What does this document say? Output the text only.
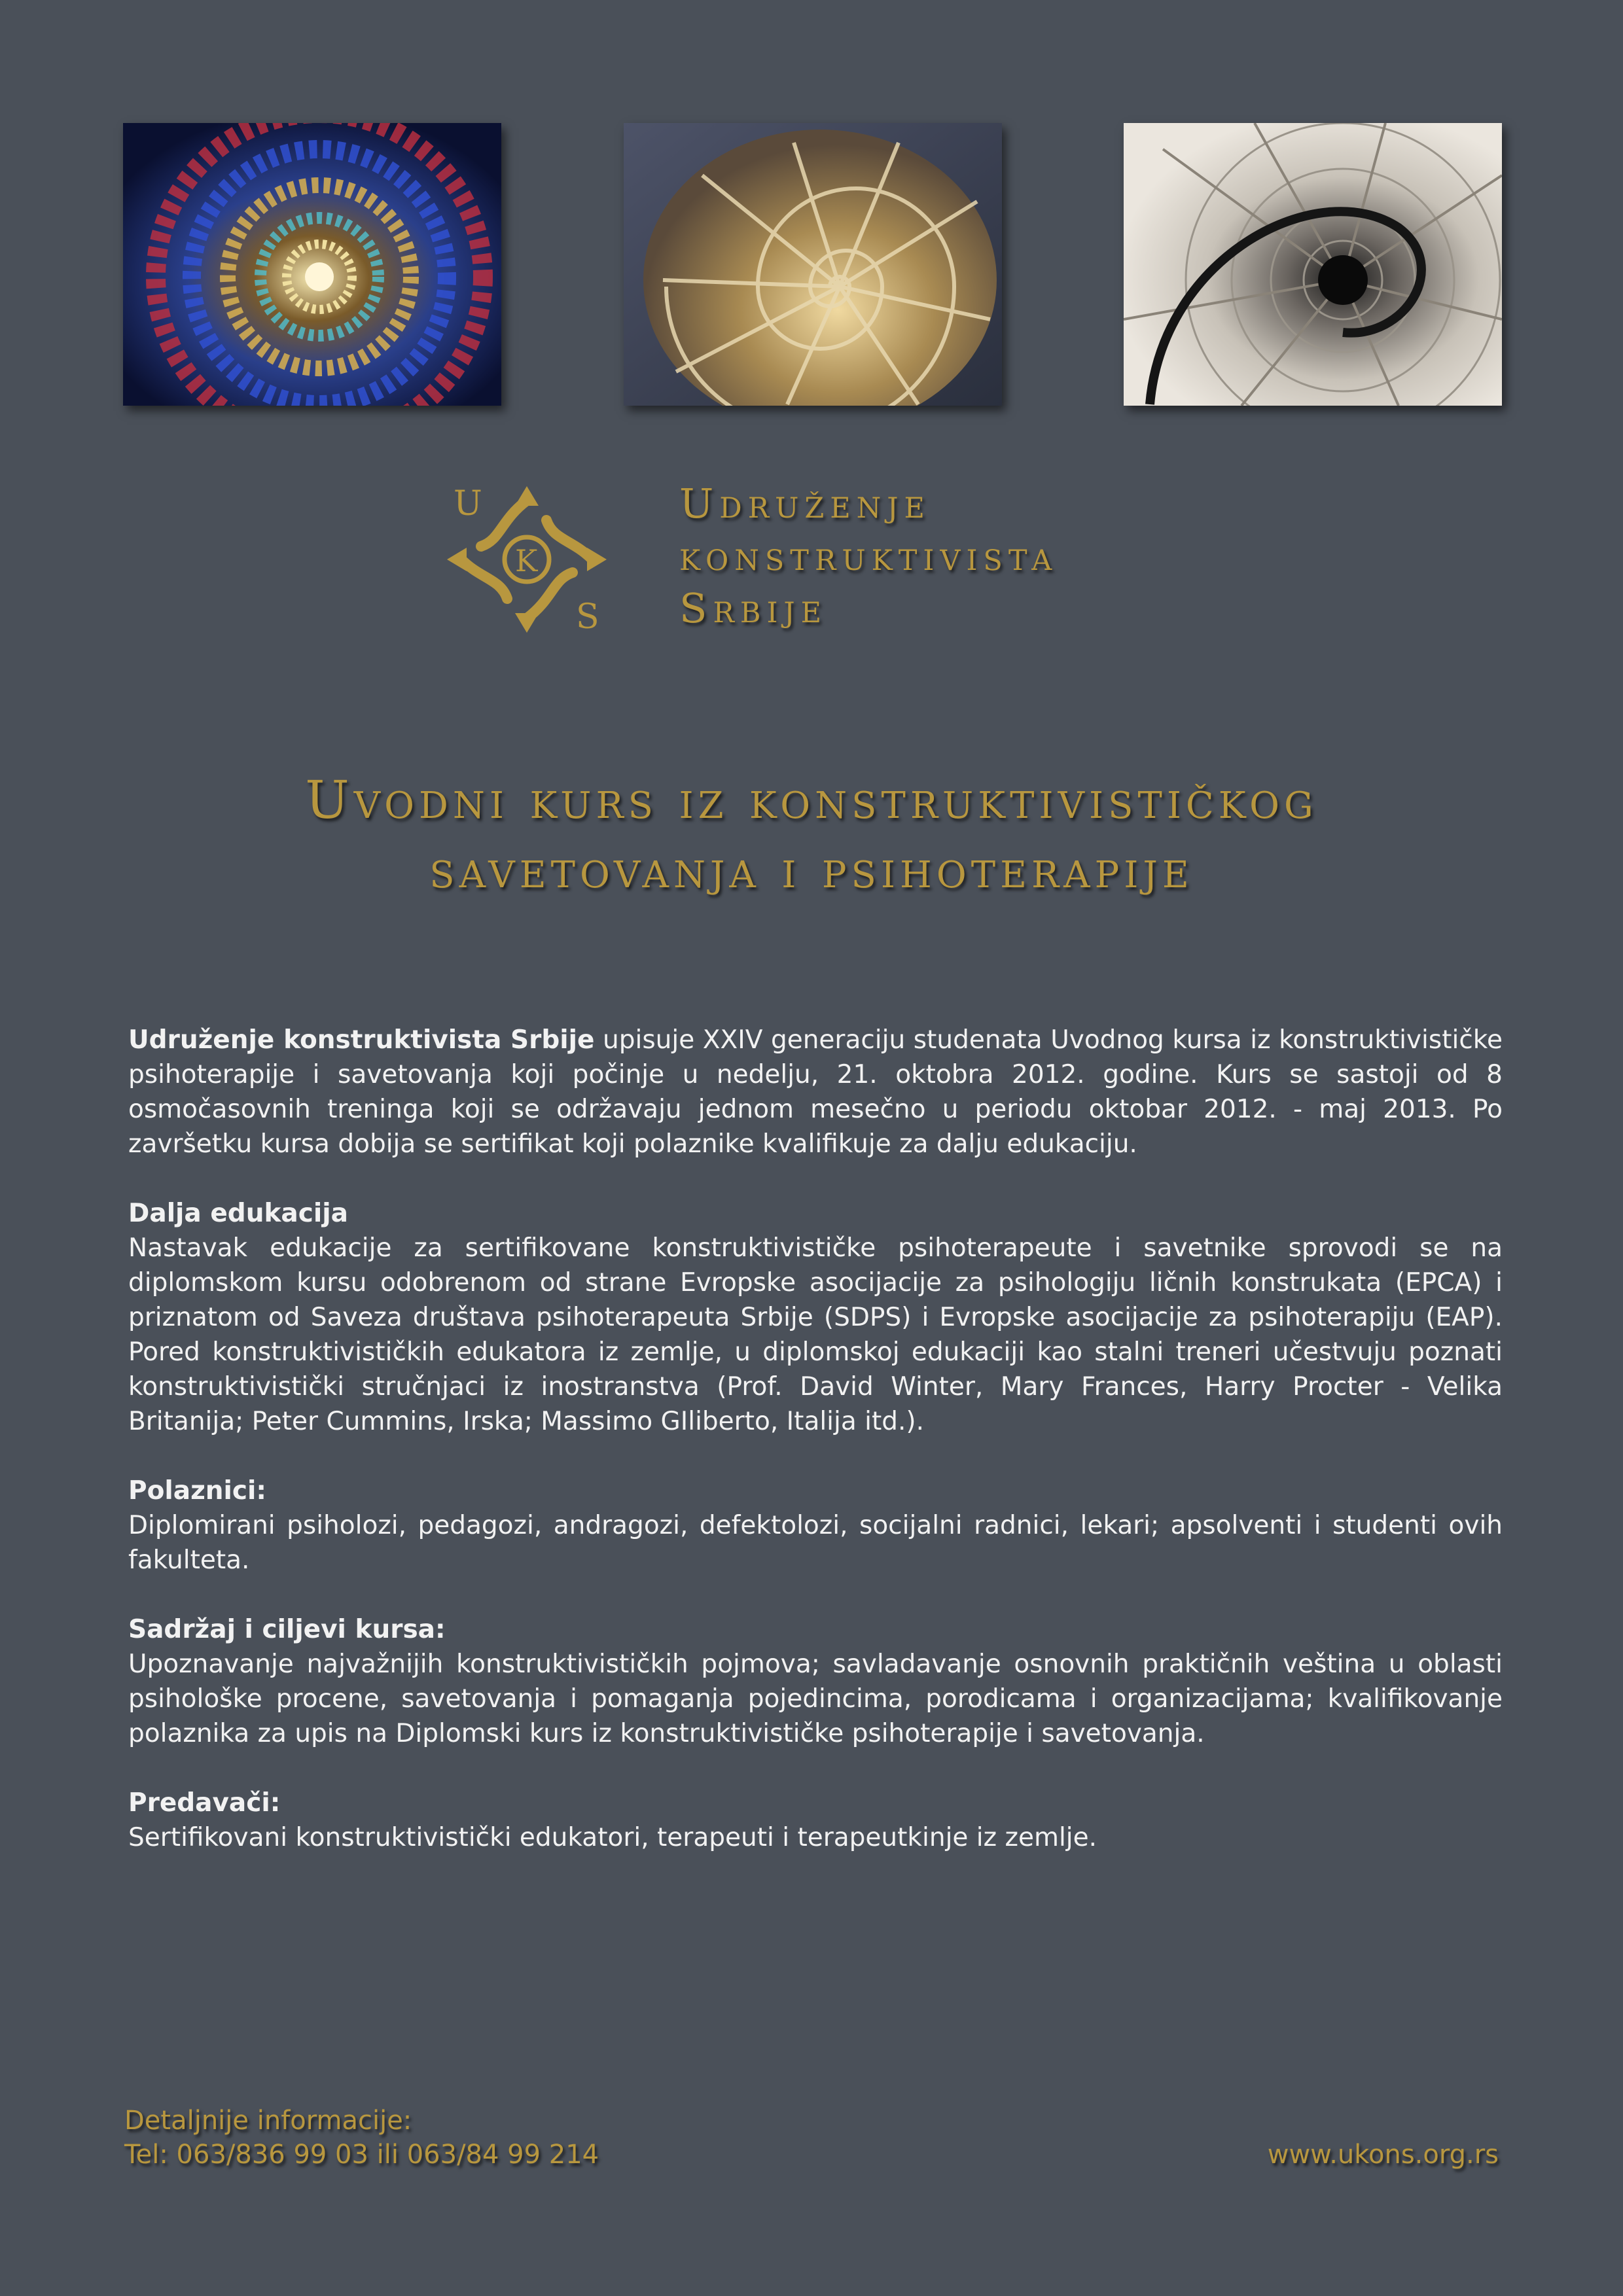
U
K
S
Udruženje
konstruktivista
Srbije
Uvodni kurs iz konstruktivističkog
savetovanja i psihoterapije

Udruženje konstruktivista Srbije upisuje XXIV generaciju studenata Uvodnog kursa iz konstruktivističke psihoterapije i savetovanja koji počinje u nedelju, 21. oktobra 2012. godine. Kurs se sastoji od 8 osmočasovnih treninga koji se održavaju jednom mesečno u periodu oktobar 2012. - maj 2013. Po završetku kursa dobija se sertifikat koji polaznike kvalifikuje za dalju edukaciju.

Dalja edukacija
Nastavak edukacije za sertifikovane konstruktivističke psihoterapeute i savetnike sprovodi se na diplomskom kursu odobrenom od strane Evropske asocijacije za psihologiju ličnih konstrukata (EPCA) i priznatom od Saveza društava psihoterapeuta Srbije (SDPS) i Evropske asocijacije za psihoterapiju (EAP). Pored konstruktivističkih edukatora iz zemlje, u diplomskoj edukaciji kao stalni treneri učestvuju poznati konstruktivistički stručnjaci iz inostranstva (Prof. David Winter, Mary Frances, Harry Procter - Velika Britanija; Peter Cummins, Irska; Massimo GIliberto, Italija itd.).
Polaznici:
Diplomirani psiholozi, pedagozi, andragozi, defektolozi, socijalni radnici, lekari; apsolventi i studenti ovih fakulteta.
Sadržaj i ciljevi kursa:
Upoznavanje najvažnijih konstruktivističkih pojmova; savladavanje osnovnih praktičnih veština u oblasti psihološke procene, savetovanja i pomaganja pojedincima, porodicama i organizacijama; kvalifikovanje polaznika za upis na Diplomski kurs iz konstruktivističke psihoterapije i savetovanja.
Predavači:
Sertifikovani konstruktivistički edukatori, terapeuti i terapeutkinje iz zemlje.
Detaljnije informacije:
Tel: 063/836 99 03 ili 063/84 99 214	www.ukons.org.rs
